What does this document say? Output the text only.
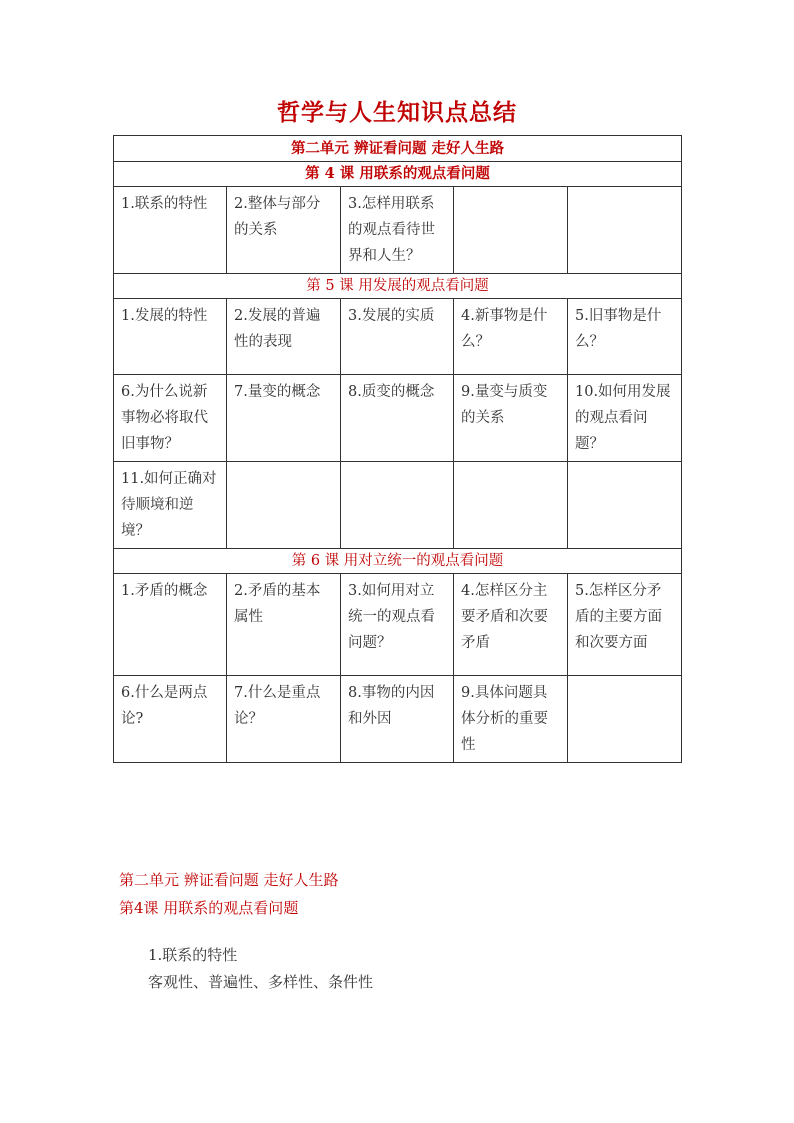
哲学与人生知识点总结
第二单元 辨证看问题 走好人生路				
第 4 课 用联系的观点看问题				
1.联系的特性	2.整体与部分的关系	3.怎样用联系的观点看待世界和人生？		
第 5 课 用发展的观点看问题				
1.发展的特性	2.发展的普遍性的表现	3.发展的实质	4.新事物是什么？	5.旧事物是什么？
6.为什么说新事物必将取代旧事物？	7.量变的概念	8.质变的概念	9.量变与质变的关系	10.如何用发展的观点看问题？
11.如何正确对待顺境和逆境？				
第 6 课 用对立统一的观点看问题				
1.矛盾的概念	2.矛盾的基本属性	3.如何用对立统一的观点看问题？	4.怎样区分主要矛盾和次要矛盾	5.怎样区分矛盾的主要方面和次要方面
6.什么是两点论?	7.什么是重点论？	8.事物的内因和外因	9.具体问题具体分析的重要性	
第二单元 辨证看问题 走好人生路
第4课 用联系的观点看问题
1.联系的特性
客观性、普遍性、多样性、条件性
